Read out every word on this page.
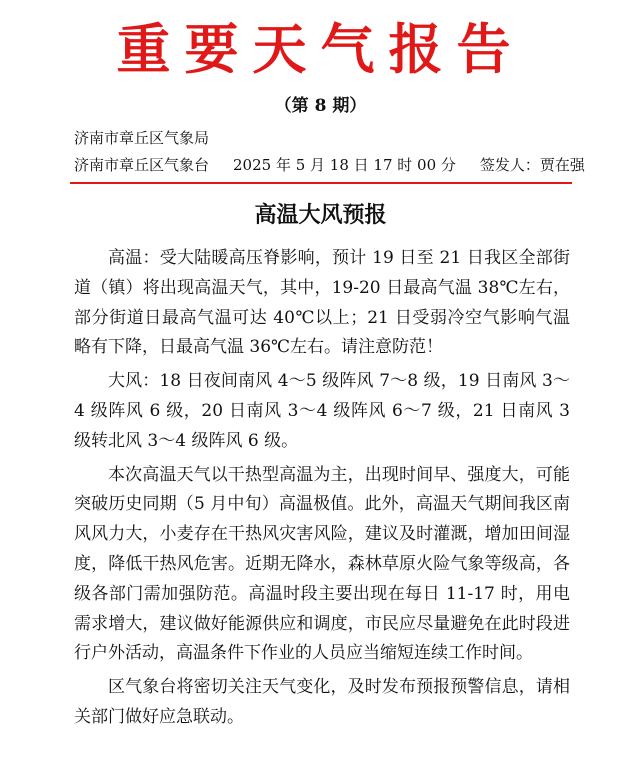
重要天气报告
（第 8 期）
济南市章丘区气象局
济南市章丘区气象台 2025 年 5 月 18 日 17 时 00 分 签发人：贾在强
高温大风预报

高温：受大陆暖高压脊影响，预计 19 日至 21 日我区全部街道（镇）将出现高温天气，其中，19-20 日最高气温 38℃左右，部分街道日最高气温可达 40℃以上；21 日受弱冷空气影响气温略有下降，日最高气温 36℃左右。请注意防范！

大风：18 日夜间南风 4～5 级阵风 7～8 级，19 日南风 3～4 级阵风 6 级，20 日南风 3～4 级阵风 6～7 级，21 日南风 3 级转北风 3～4 级阵风 6 级。

本次高温天气以干热型高温为主，出现时间早、强度大，可能突破历史同期（5 月中旬）高温极值。此外，高温天气期间我区南风风力大，小麦存在干热风灾害风险，建议及时灌溉，增加田间湿度，降低干热风危害。近期无降水，森林草原火险气象等级高，各级各部门需加强防范。高温时段主要出现在每日 11-17 时，用电需求增大，建议做好能源供应和调度，市民应尽量避免在此时段进行户外活动，高温条件下作业的人员应当缩短连续工作时间。

区气象台将密切关注天气变化，及时发布预报预警信息，请相关部门做好应急联动。
